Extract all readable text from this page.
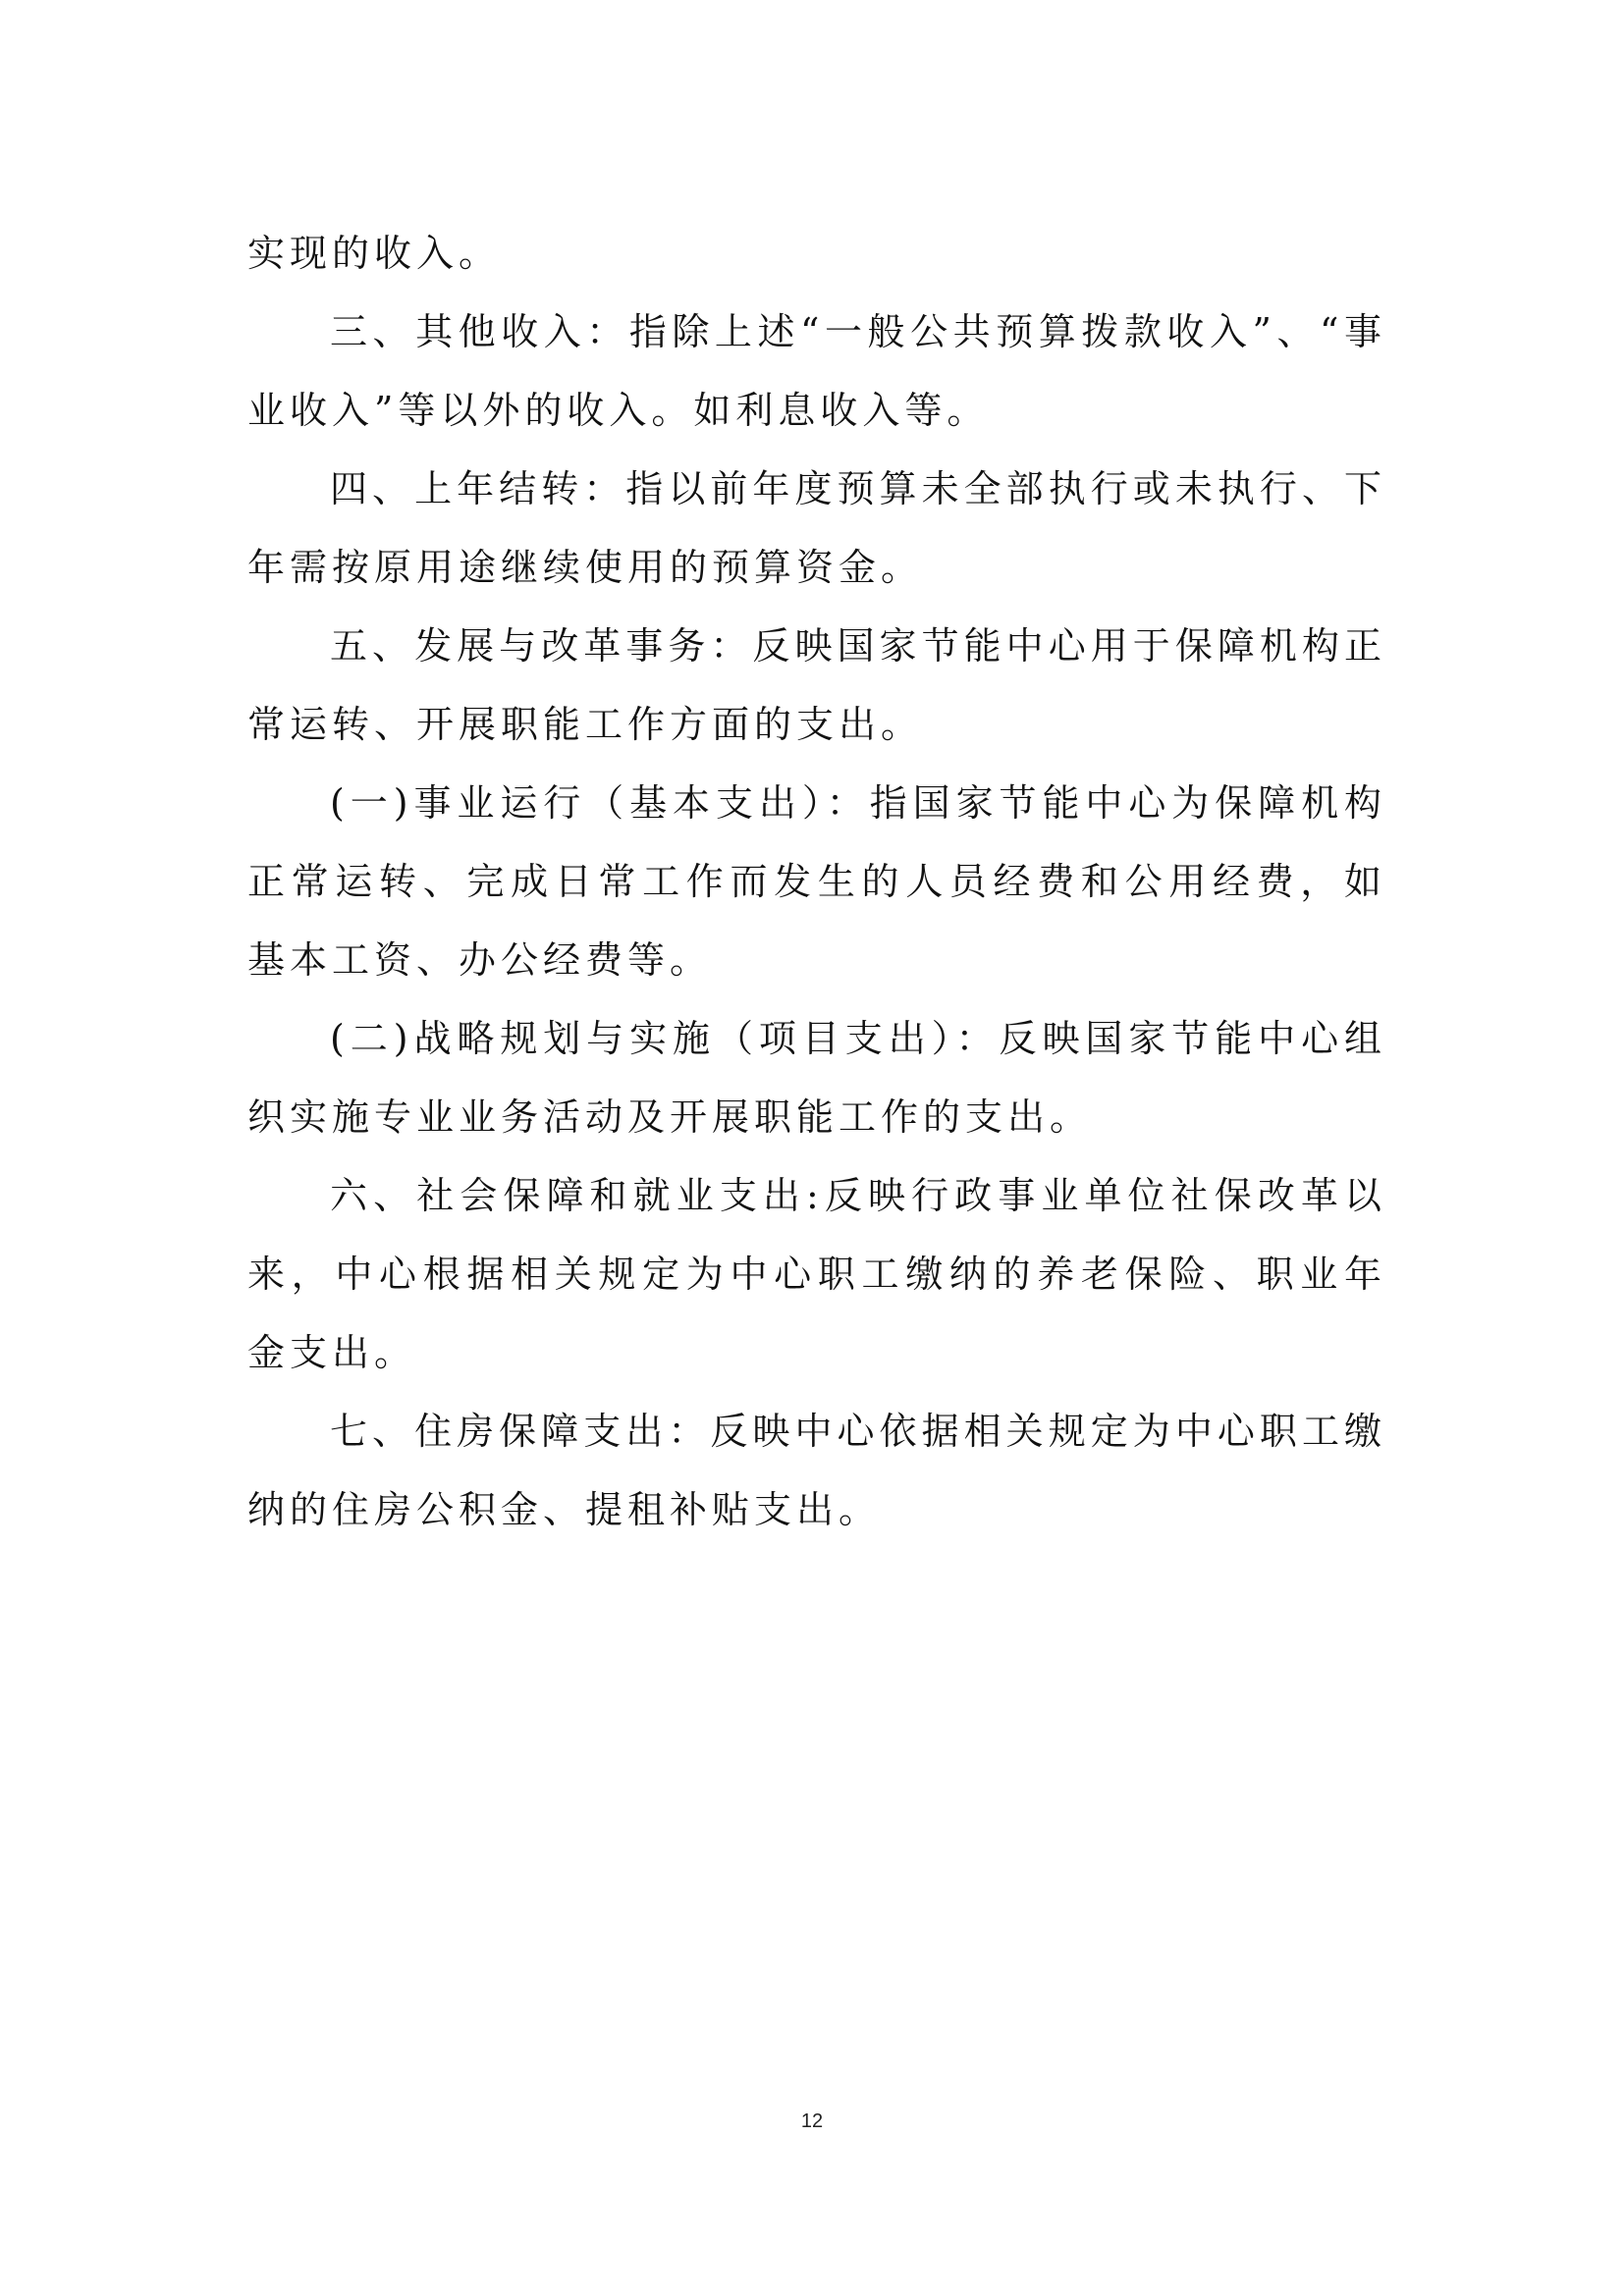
实现的收入。

三、其他收入：指除上述“一般公共预算拨款收入”、“事业收入”等以外的收入。如利息收入等。

四、上年结转：指以前年度预算未全部执行或未执行、下年需按原用途继续使用的预算资金。

五、发展与改革事务：反映国家节能中心用于保障机构正常运转、开展职能工作方面的支出。

(一)事业运行（基本支出）：指国家节能中心为保障机构正常运转、完成日常工作而发生的人员经费和公用经费，如基本工资、办公经费等。

(二)战略规划与实施（项目支出）：反映国家节能中心组织实施专业业务活动及开展职能工作的支出。

六、社会保障和就业支出:反映行政事业单位社保改革以来，中心根据相关规定为中心职工缴纳的养老保险、职业年金支出。

七、住房保障支出：反映中心依据相关规定为中心职工缴纳的住房公积金、提租补贴支出。

12
